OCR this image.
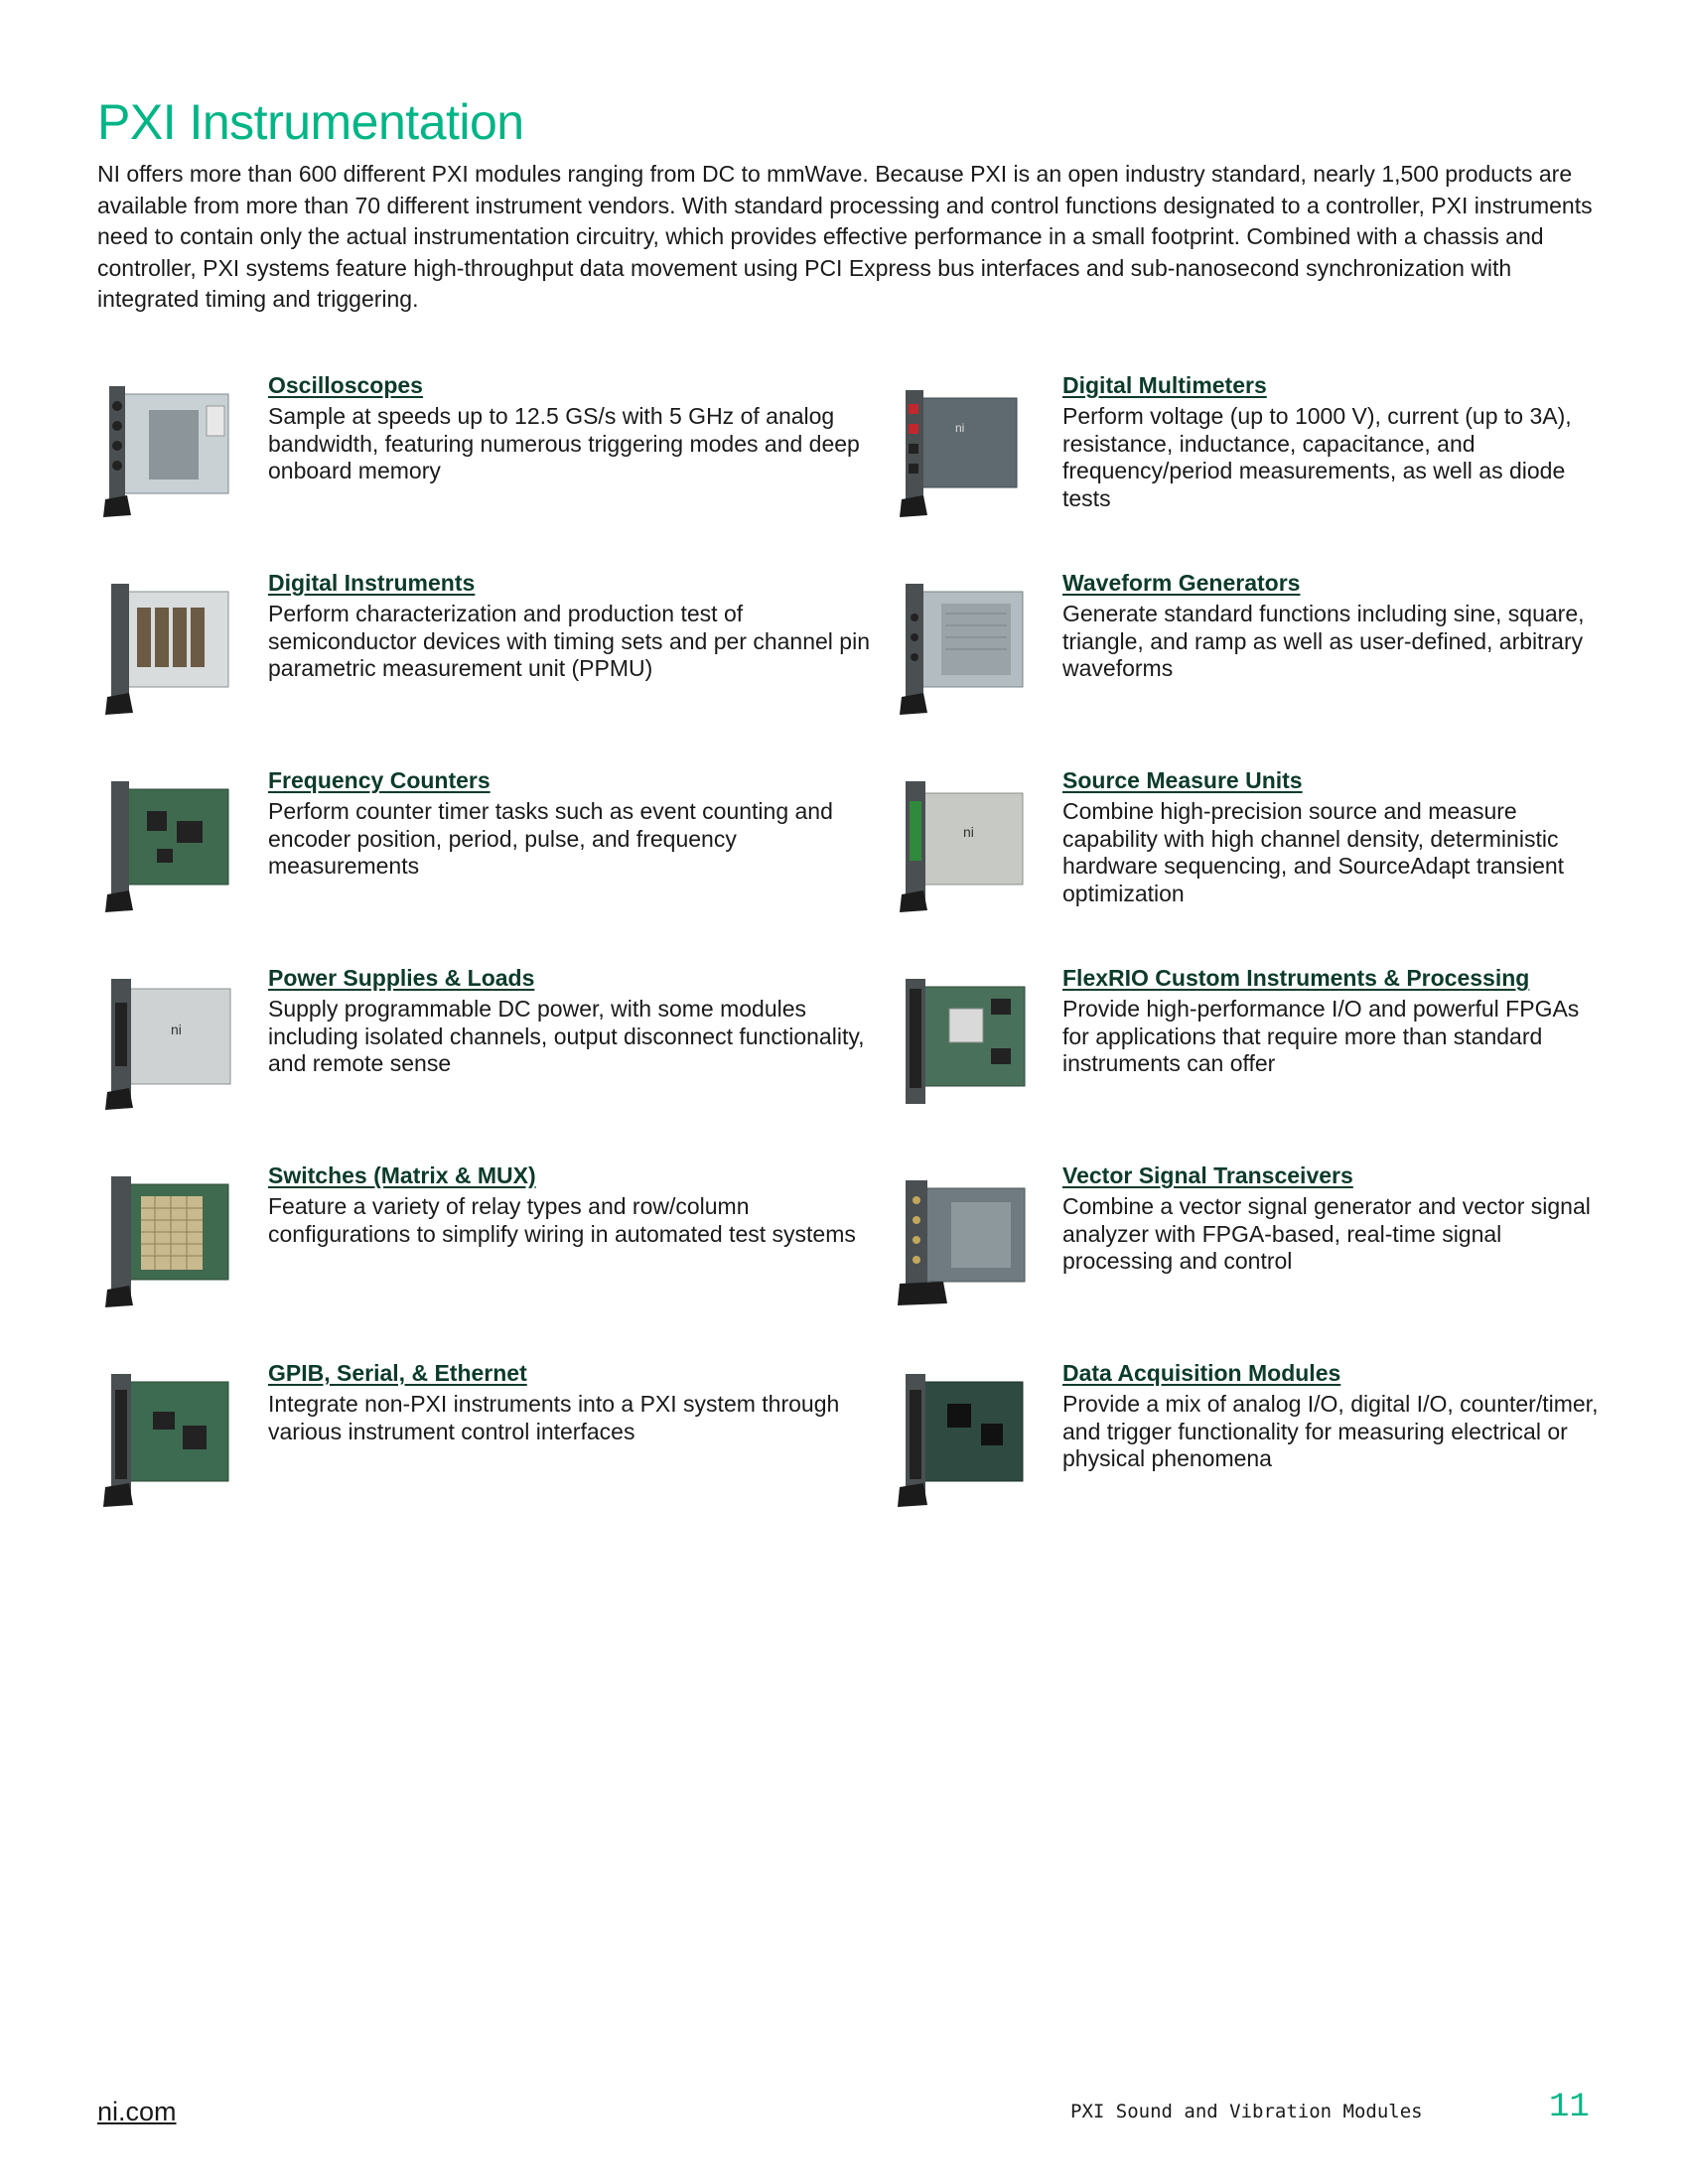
PXI Instrumentation

NI offers more than 600 different PXI modules ranging from DC to mmWave. Because PXI is an open industry standard, nearly 1,500 products are available from more than 70 different instrument vendors. With standard processing and control functions designated to a controller, PXI instruments need to contain only the actual instrumentation circuitry, which provides effective performance in a small footprint. Combined with a chassis and controller, PXI systems feature high-throughput data movement using PCI Express bus interfaces and sub-nanosecond synchronization with integrated timing and triggering.

Oscilloscopes

Sample at speeds up to 12.5 GS/s with 5 GHz of analog bandwidth, featuring numerous triggering modes and deep onboard memory

ni
Digital Multimeters

Perform voltage (up to 1000 V), current (up to 3A), resistance, inductance, capacitance, and frequency/period measurements, as well as diode tests

Digital Instruments

Perform characterization and production test of semiconductor devices with timing sets and per channel pin parametric measurement unit (PPMU)

Waveform Generators

Generate standard functions including sine, square, triangle, and ramp as well as user-defined, arbitrary waveforms

Frequency Counters

Perform counter timer tasks such as event counting and encoder position, period, pulse, and frequency measurements

ni
Source Measure Units

Combine high-precision source and measure capability with high channel density, deterministic hardware sequencing, and SourceAdapt transient optimization

ni
Power Supplies & Loads

Supply programmable DC power, with some modules including isolated channels, output disconnect functionality, and remote sense

FlexRIO Custom Instruments & Processing

Provide high-performance I/O and powerful FPGAs for applications that require more than standard instruments can offer

Switches (Matrix & MUX)

Feature a variety of relay types and row/column configurations to simplify wiring in automated test systems

Vector Signal Transceivers

Combine a vector signal generator and vector signal analyzer with FPGA-based, real-time signal processing and control

GPIB, Serial, & Ethernet

Integrate non-PXI instruments into a PXI system through various instrument control interfaces

Data Acquisition Modules

Provide a mix of analog I/O, digital I/O, counter/timer, and trigger functionality for measuring electrical or physical phenomena

ni.com	PXI Sound and Vibration Modules	11
